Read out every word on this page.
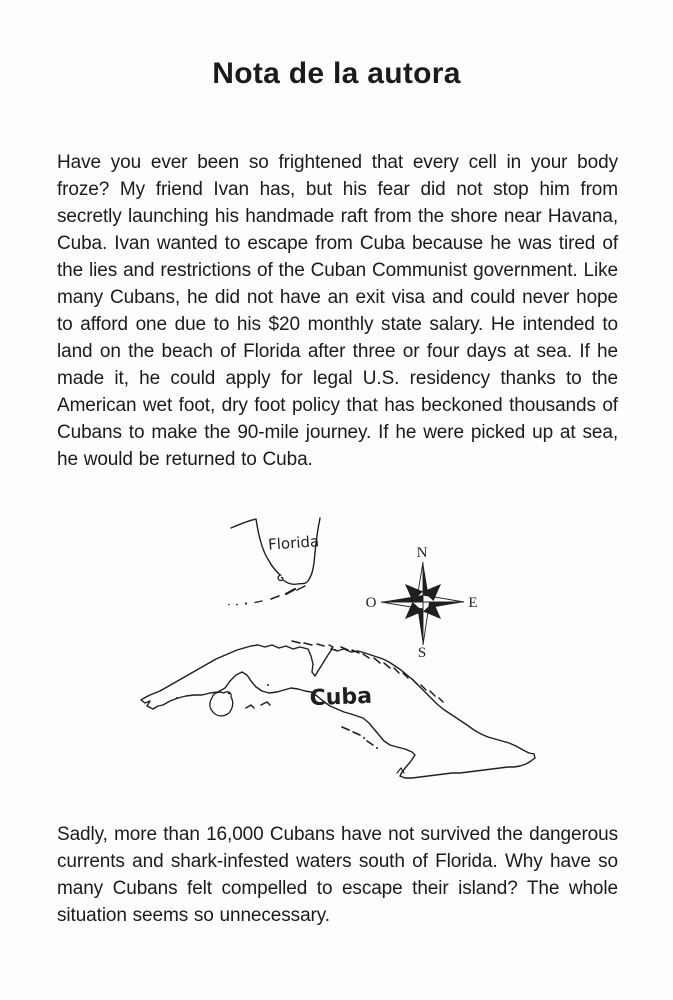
Nota de la autora

Have you ever been so frightened that every cell in your body froze? My friend Ivan has, but his fear did not stop him from secretly launching his handmade raft from the shore near Havana, Cuba. Ivan wanted to escape from Cuba because he was tired of the lies and restrictions of the Cuban Communist government. Like many Cubans, he did not have an exit visa and could never hope to afford one due to his $20 monthly state salary. He intended to land on the beach of Florida after three or four days at sea. If he made it, he could apply for legal U.S. residency thanks to the American wet foot, dry foot policy that has beckoned thousands of Cubans to make the 90-mile journey. If he were picked up at sea, he would be returned to Cuba.

Florida	N
S
E
O
Cuba

Sadly, more than 16,000 Cubans have not survived the dangerous currents and shark-infested waters south of Florida. Why have so many Cubans felt compelled to escape their island? The whole situation seems so unnecessary.
